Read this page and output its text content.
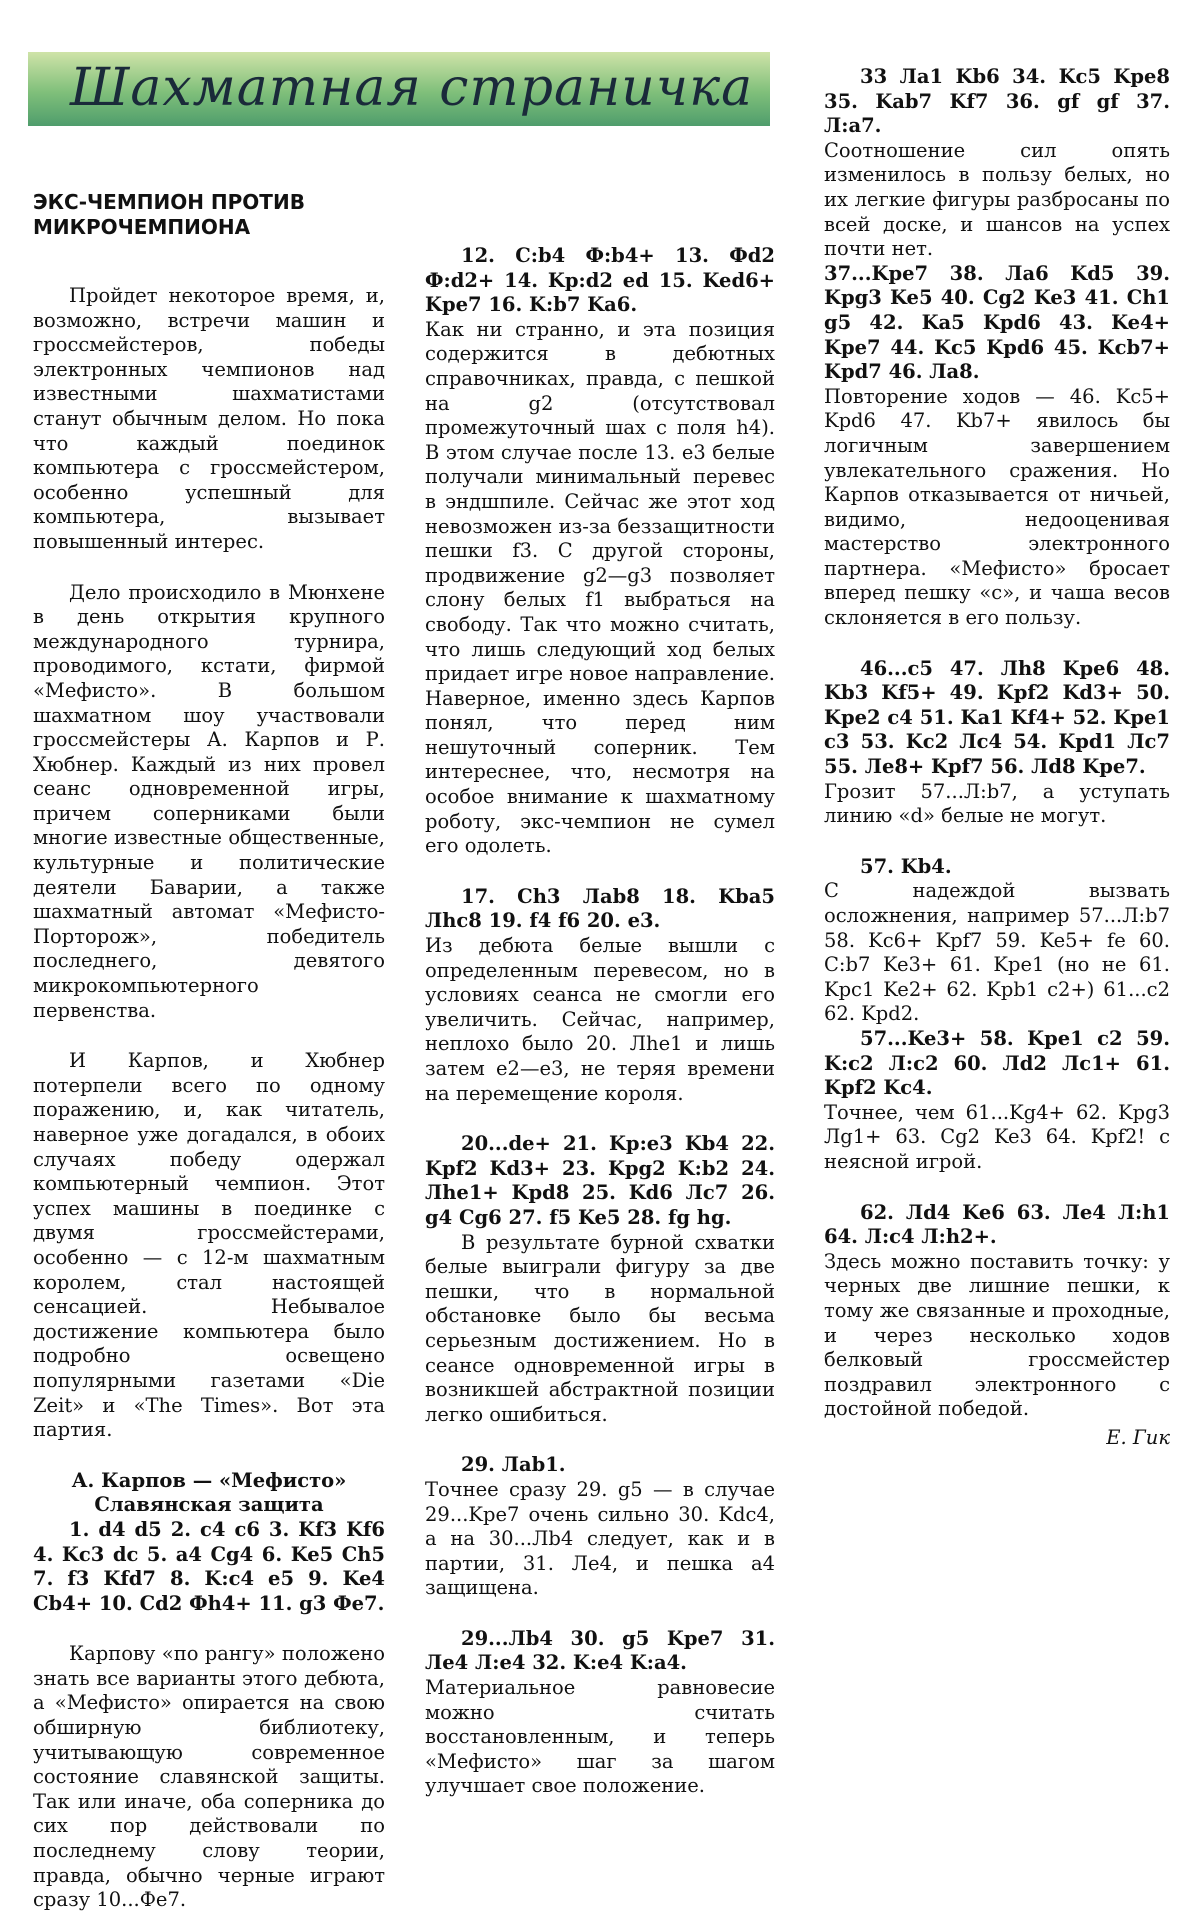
Шахматная страничка
ЭКС-ЧЕМПИОН ПРОТИВ МИКРОЧЕМПИОНА

Пройдет некоторое время, и, возможно, встречи машин и гроссмейстеров, победы электронных чемпионов над известными шахматистами станут обычным делом. Но пока что каждый поединок компьютера с гроссмейстером, особенно успешный для компьютера, вызывает повышенный интерес.

Дело происходило в Мюнхене в день открытия крупного международного турнира, проводимого, кстати, фирмой «Мефисто». В большом шахматном шоу участвовали гроссмейстеры А. Карпов и Р. Хюбнер. Каждый из них провел сеанс одновременной игры, причем соперниками были многие известные общественные, культурные и политические деятели Баварии, а также шахматный автомат «Мефисто-Порторож», победитель последнего, девятого микрокомпьютерного первенства.

И Карпов, и Хюбнер потерпели всего по одному поражению, и, как читатель, наверное уже догадался, в обоих случаях победу одержал компьютерный чемпион. Этот успех машины в поединке с двумя гроссмейстерами, особенно — с 12-м шахматным королем, стал настоящей сенсацией. Небывалое достижение компьютера было подробно освещено популярными газетами «Die Zeit» и «The Times». Вот эта партия.

А. Карпов — «Мефисто»

Славянская защита

1. d4 d5 2. c4 c6 3. Kf3 Kf6 4. Kc3 dc 5. a4 Cg4 6. Ke5 Ch5 7. f3 Kfd7 8. K:c4 e5 9. Ke4 Cb4+ 10. Cd2 Фh4+ 11. g3 Фe7.

Карпову «по рангу» положено знать все варианты этого дебюта, а «Мефисто» опирается на свою обширную библиотеку, учитывающую современное состояние славянской защиты. Так или иначе, оба соперника до сих пор действовали по последнему слову теории, правда, обычно черные играют сразу 10...Фe7.

12. C:b4 Ф:b4+ 13. Фd2 Ф:d2+ 14. Kp:d2 ed 15. Ked6+ Kpe7 16. K:b7 Ka6.

Как ни странно, и эта позиция содержится в дебютных справочниках, правда, с пешкой на g2 (отсутствовал промежуточный шах с поля h4). В этом случае после 13. e3 белые получали минимальный перевес в эндшпиле. Сейчас же этот ход невозможен из-за беззащитности пешки f3. С другой стороны, продвижение g2—g3 позволяет слону белых f1 выбраться на свободу. Так что можно считать, что лишь следующий ход белых придает игре новое направление. Наверное, именно здесь Карпов понял, что перед ним нешуточный соперник. Тем интереснее, что, несмотря на особое внимание к шахматному роботу, экс-чемпион не сумел его одолеть.

17. Ch3 Лab8 18. Kba5 Лhc8 19. f4 f6 20. e3.

Из дебюта белые вышли с определенным перевесом, но в условиях сеанса не смогли его увеличить. Сейчас, например, неплохо было 20. Лhe1 и лишь затем e2—e3, не теряя времени на перемещение короля.

20...de+ 21. Kp:e3 Kb4 22. Kpf2 Kd3+ 23. Kpg2 K:b2 24. Лhe1+ Kpd8 25. Kd6 Лc7 26. g4 Cg6 27. f5 Ke5 28. fg hg.

В результате бурной схватки белые выиграли фигуру за две пешки, что в нормальной обстановке было бы весьма серьезным достижением. Но в сеансе одновременной игры в возникшей абстрактной позиции легко ошибиться.

29. Лab1.

Точнее сразу 29. g5 — в случае 29...Kpe7 очень сильно 30. Kdc4, а на 30...Лb4 следует, как и в партии, 31. Лe4, и пешка a4 защищена.

29...Лb4 30. g5 Kpe7 31. Лe4 Л:e4 32. K:e4 K:a4.

Материальное равновесие можно считать восстановленным, и теперь «Мефисто» шаг за шагом улучшает свое положение.

33 Лa1 Kb6 34. Kc5 Kpe8 35. Kab7 Kf7 36. gf gf 37. Л:a7.

Соотношение сил опять изменилось в пользу белых, но их легкие фигуры разбросаны по всей доске, и шансов на успех почти нет.

37...Kpe7 38. Лa6 Kd5 39. Kpg3 Ke5 40. Cg2 Ke3 41. Ch1 g5 42. Ka5 Kpd6 43. Ke4+ Kpe7 44. Kc5 Kpd6 45. Kcb7+ Kpd7 46. Лa8.

Повторение ходов — 46. Kc5+ Kpd6 47. Kb7+ явилось бы логичным завершением увлекательного сражения. Но Карпов отказывается от ничьей, видимо, недооценивая мастерство электронного партнера. «Мефисто» бросает вперед пешку «c», и чаша весов склоняется в его пользу.

46...c5 47. Лh8 Kpe6 48. Kb3 Kf5+ 49. Kpf2 Kd3+ 50. Kpe2 c4 51. Ka1 Kf4+ 52. Kpe1 c3 53. Kc2 Лc4 54. Kpd1 Лc7 55. Лe8+ Kpf7 56. Лd8 Kpe7.

Грозит 57...Л:b7, а уступать линию «d» белые не могут.

57. Kb4.

С надеждой вызвать осложнения, например 57...Л:b7 58. Kc6+ Kpf7 59. Ke5+ fe 60. C:b7 Ke3+ 61. Kpe1 (но не 61. Kpc1 Ke2+ 62. Kpb1 c2+) 61...c2 62. Kpd2.

57...Ke3+ 58. Kpe1 c2 59. K:c2 Л:c2 60. Лd2 Лc1+ 61. Kpf2 Kc4.

Точнее, чем 61...Kg4+ 62. Kpg3 Лg1+ 63. Cg2 Ke3 64. Kpf2! с неясной игрой.

62. Лd4 Ke6 63. Лe4 Л:h1 64. Л:c4 Л:h2+.

Здесь можно поставить точку: у черных две лишние пешки, к тому же связанные и проходные, и через несколько ходов белковый гроссмейстер поздравил электронного с достойной победой.

Е. Гик
